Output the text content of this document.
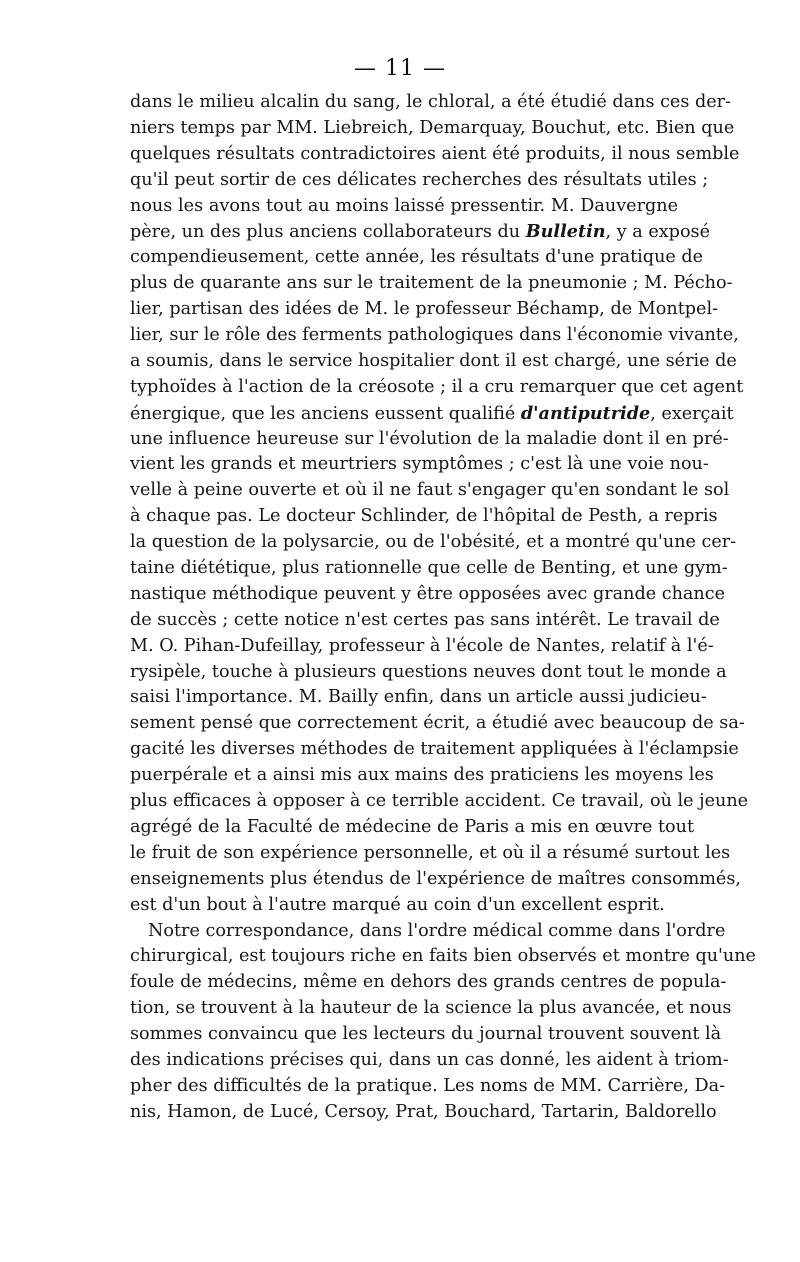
— 11 —
dans le milieu alcalin du sang, le chloral, a été étudié dans ces der-
niers temps par MM. Liebreich, Demarquay, Bouchut, etc. Bien que
quelques résultats contradictoires aient été produits, il nous semble
qu'il peut sortir de ces délicates recherches des résultats utiles ;
nous les avons tout au moins laissé pressentir. M. Dauvergne
père, un des plus anciens collaborateurs du Bulletin, y a exposé
compendieusement, cette année, les résultats d'une pratique de
plus de quarante ans sur le traitement de la pneumonie ; M. Pécho-
lier, partisan des idées de M. le professeur Béchamp, de Montpel-
lier, sur le rôle des ferments pathologiques dans l'économie vivante,
a soumis, dans le service hospitalier dont il est chargé, une série de
typhoïdes à l'action de la créosote ; il a cru remarquer que cet agent
énergique, que les anciens eussent qualifié d'antiputride, exerçait
une influence heureuse sur l'évolution de la maladie dont il en pré-
vient les grands et meurtriers symptômes ; c'est là une voie nou-
velle à peine ouverte et où il ne faut s'engager qu'en sondant le sol
à chaque pas. Le docteur Schlinder, de l'hôpital de Pesth, a repris
la question de la polysarcie, ou de l'obésité, et a montré qu'une cer-
taine diététique, plus rationnelle que celle de Benting, et une gym-
nastique méthodique peuvent y être opposées avec grande chance
de succès ; cette notice n'est certes pas sans intérêt. Le travail de
M. O. Pihan-Dufeillay, professeur à l'école de Nantes, relatif à l'é-
rysipèle, touche à plusieurs questions neuves dont tout le monde a
saisi l'importance. M. Bailly enfin, dans un article aussi judicieu-
sement pensé que correctement écrit, a étudié avec beaucoup de sa-
gacité les diverses méthodes de traitement appliquées à l'éclampsie
puerpérale et a ainsi mis aux mains des praticiens les moyens les
plus efficaces à opposer à ce terrible accident. Ce travail, où le jeune
agrégé de la Faculté de médecine de Paris a mis en œuvre tout
le fruit de son expérience personnelle, et où il a résumé surtout les
enseignements plus étendus de l'expérience de maîtres consommés,
est d'un bout à l'autre marqué au coin d'un excellent esprit.
Notre correspondance, dans l'ordre médical comme dans l'ordre
chirurgical, est toujours riche en faits bien observés et montre qu'une
foule de médecins, même en dehors des grands centres de popula-
tion, se trouvent à la hauteur de la science la plus avancée, et nous
sommes convaincu que les lecteurs du journal trouvent souvent là
des indications précises qui, dans un cas donné, les aident à triom-
pher des difficultés de la pratique. Les noms de MM. Carrière, Da-
nis, Hamon, de Lucé, Cersoy, Prat, Bouchard, Tartarin, Baldorello
